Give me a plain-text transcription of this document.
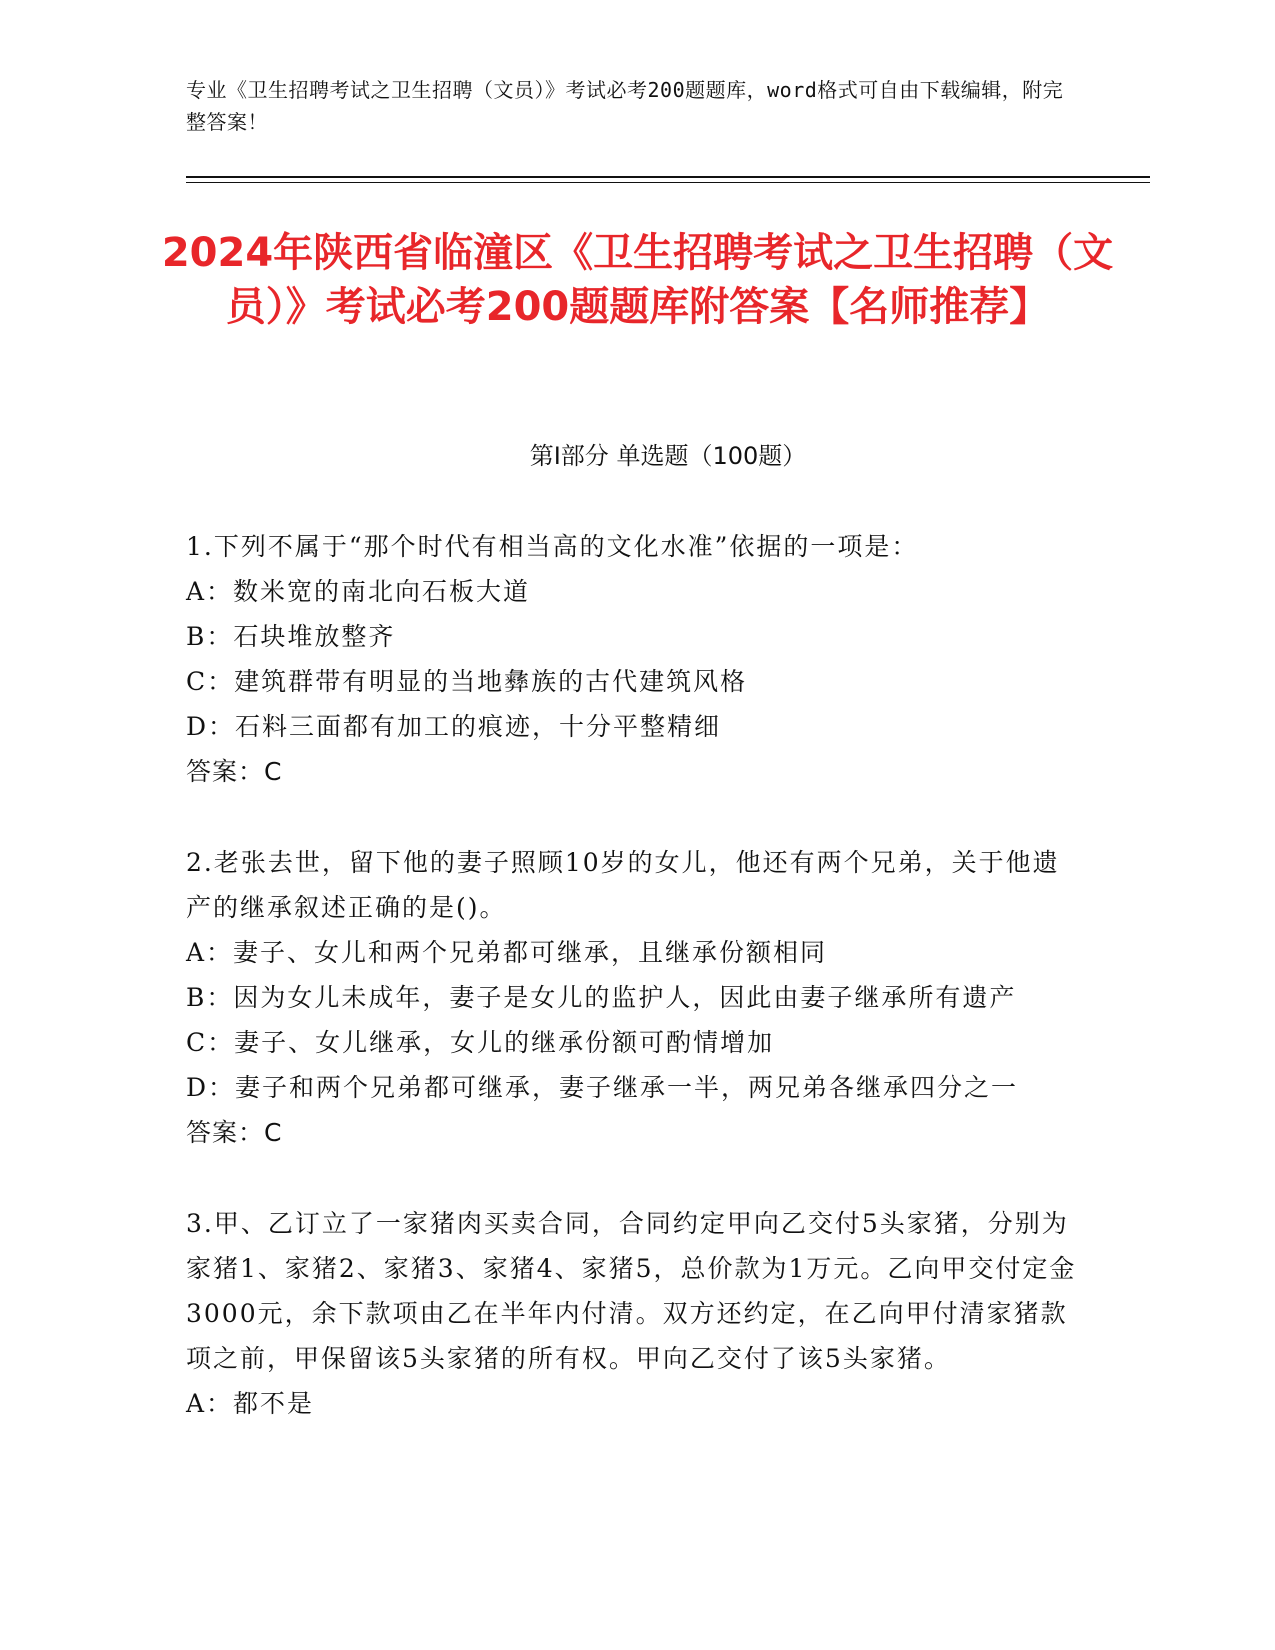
专业《卫生招聘考试之卫生招聘（文员）》考试必考200题题库，word格式可自由下载编辑，附完整答案！
2024年陕西省临潼区《卫生招聘考试之卫生招聘（文员）》考试必考200题题库附答案【名师推荐】
第I部分 单选题（100题）
1.下列不属于“那个时代有相当高的文化水准”依据的一项是：
A：数米宽的南北向石板大道
B：石块堆放整齐
C：建筑群带有明显的当地彝族的古代建筑风格
D：石料三面都有加工的痕迹，十分平整精细
答案：C
2.老张去世，留下他的妻子照顾10岁的女儿，他还有两个兄弟，关于他遗产的继承叙述正确的是()。
A：妻子、女儿和两个兄弟都可继承，且继承份额相同
B：因为女儿未成年，妻子是女儿的监护人，因此由妻子继承所有遗产
C：妻子、女儿继承，女儿的继承份额可酌情增加
D：妻子和两个兄弟都可继承，妻子继承一半，两兄弟各继承四分之一
答案：C
3.甲、乙订立了一家猪肉买卖合同，合同约定甲向乙交付5头家猪，分别为家猪1、家猪2、家猪3、家猪4、家猪5，总价款为1万元。乙向甲交付定金3000元，余下款项由乙在半年内付清。双方还约定，在乙向甲付清家猪款项之前，甲保留该5头家猪的所有权。甲向乙交付了该5头家猪。
A：都不是
